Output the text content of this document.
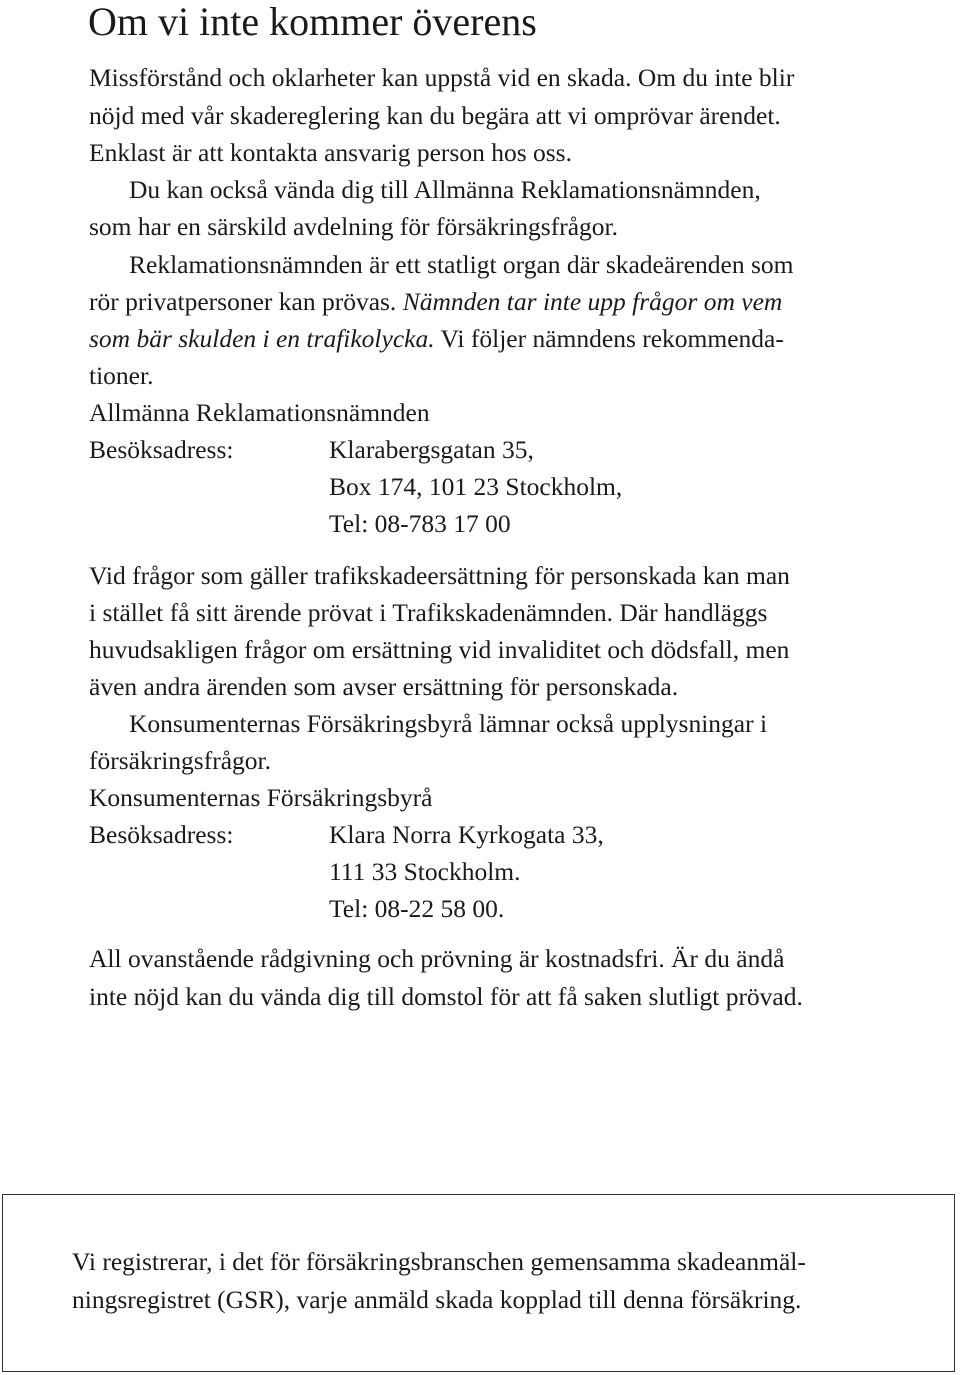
Om vi inte kommer överens
Missförstånd och oklarheter kan uppstå vid en skada. Om du inte blir
nöjd med vår skadereglering kan du begära att vi omprövar ärendet.
Enklast är att kontakta ansvarig person hos oss.
Du kan också vända dig till Allmänna Reklamationsnämnden,
som har en särskild avdelning för försäkringsfrågor.
Reklamationsnämnden är ett statligt organ där skadeärenden som
rör privatpersoner kan prövas. Nämnden tar inte upp frågor om vem
som bär skulden i en trafikolycka. Vi följer nämndens rekommenda-
tioner.
Allmänna Reklamationsnämnden
Besöksadress:	Klarabergsgatan 35,
Box 174, 101 23 Stockholm,
Tel: 08-783 17 00
Vid frågor som gäller trafikskadeersättning för personskada kan man
i stället få sitt ärende prövat i Trafikskadenämnden. Där handläggs
huvudsakligen frågor om ersättning vid invaliditet och dödsfall, men
även andra ärenden som avser ersättning för personskada.
Konsumenternas Försäkringsbyrå lämnar också upplysningar i
försäkringsfrågor.
Konsumenternas Försäkringsbyrå
Besöksadress:	Klara Norra Kyrkogata 33,
111 33 Stockholm.
Tel: 08-22 58 00.
All ovanstående rådgivning och prövning är kostnadsfri. Är du ändå
inte nöjd kan du vända dig till domstol för att få saken slutligt prövad.
Vi registrerar, i det för försäkringsbranschen gemensamma skadeanmäl-
ningsregistret (GSR), varje anmäld skada kopplad till denna försäkring.
